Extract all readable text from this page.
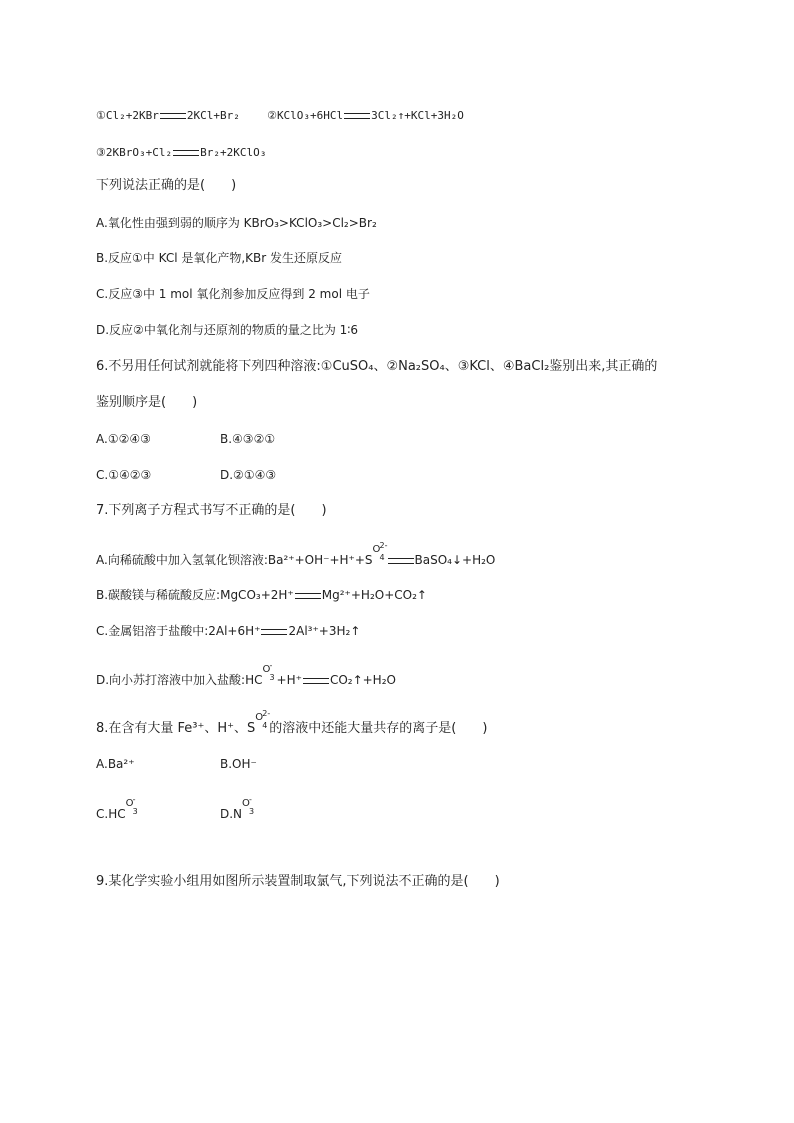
①Cl₂+2KBr	2KCl+Br₂ ②KClO₃+6HCl	3Cl₂↑+KCl+3H₂O
③2KBrO₃+Cl₂	Br₂+2KClO₃
下列说法正确的是(　　)
A.氧化性由强到弱的顺序为 KBrO₃>KClO₃>Cl₂>Br₂
B.反应①中 KCl 是氧化产物,KBr 发生还原反应
C.反应③中 1 mol 氧化剂参加反应得到 2 mol 电子
D.反应②中氧化剂与还原剂的物质的量之比为 1∶6
6.不另用任何试剂就能将下列四种溶液:①CuSO₄、②Na₂SO₄、③KCl、④BaCl₂鉴别出来,其正确的
鉴别顺序是(　　)
A.①②④③	B.④③②①
C.①④②③	D.②①④③
7.下列离子方程式书写不正确的是(　　)
A.向稀硫酸中加入氢氧化钡溶液:Ba²⁺+OH⁻+H⁺+S
O 2-
4 BaSO₄↓+H₂O
B.碳酸镁与稀硫酸反应:MgCO₃+2H⁺ Mg²⁺+H₂O+CO₂↑
C.金属铝溶于盐酸中:2Al+6H⁺ 2Al³⁺+3H₂↑
D.向小苏打溶液中加入盐酸:HC
O -
3 +H⁺ CO₂↑+H₂O
8.在含有大量 Fe³⁺、H⁺、S
O 2-
4 的溶液中还能大量共存的离子是(　　)
A.Ba²⁺	B.OH⁻
C.HC
O -
3	D.N
O -
3
9.某化学实验小组用如图所示装置制取氯气,下列说法不正确的是(　　)
